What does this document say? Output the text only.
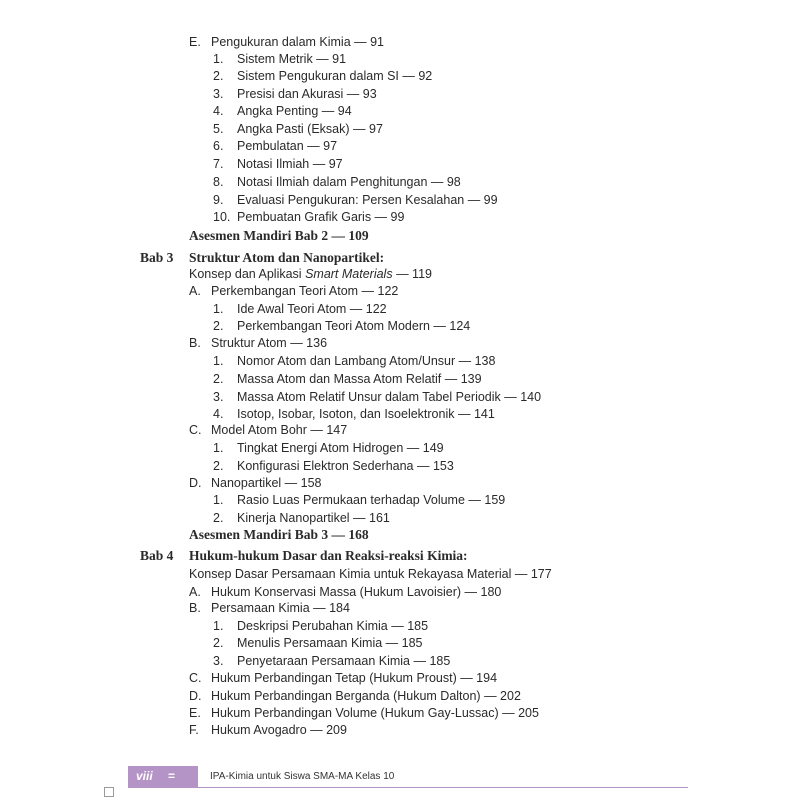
E. Pengukuran dalam Kimia — 91
1. Sistem Metrik — 91
2. Sistem Pengukuran dalam SI — 92
3. Presisi dan Akurasi — 93
4. Angka Penting — 94
5. Angka Pasti (Eksak) — 97
6. Pembulatan — 97
7. Notasi Ilmiah — 97
8. Notasi Ilmiah dalam Penghitungan — 98
9. Evaluasi Pengukuran: Persen Kesalahan — 99
10. Pembuatan Grafik Garis — 99
Asesmen Mandiri Bab 2 — 109
Bab 3 Struktur Atom dan Nanopartikel:
Konsep dan Aplikasi Smart Materials — 119
A. Perkembangan Teori Atom — 122
1. Ide Awal Teori Atom — 122
2. Perkembangan Teori Atom Modern — 124
B. Struktur Atom — 136
1. Nomor Atom dan Lambang Atom/Unsur — 138
2. Massa Atom dan Massa Atom Relatif — 139
3. Massa Atom Relatif Unsur dalam Tabel Periodik — 140
4. Isotop, Isobar, Isoton, dan Isoelektronik — 141
C. Model Atom Bohr — 147
1. Tingkat Energi Atom Hidrogen — 149
2. Konfigurasi Elektron Sederhana — 153
D. Nanopartikel — 158
1. Rasio Luas Permukaan terhadap Volume — 159
2. Kinerja Nanopartikel — 161
Asesmen Mandiri Bab 3 — 168
Bab 4 Hukum-hukum Dasar dan Reaksi-reaksi Kimia:
Konsep Dasar Persamaan Kimia untuk Rekayasa Material — 177
A. Hukum Konservasi Massa (Hukum Lavoisier) — 180
B. Persamaan Kimia — 184
1. Deskripsi Perubahan Kimia — 185
2. Menulis Persamaan Kimia — 185
3. Penyetaraan Persamaan Kimia — 185
C. Hukum Perbandingan Tetap (Hukum Proust) — 194
D. Hukum Perbandingan Berganda (Hukum Dalton) — 202
E. Hukum Perbandingan Volume (Hukum Gay-Lussac) — 205
F. Hukum Avogadro — 209
viii =	IPA-Kimia untuk Siswa SMA-MA Kelas 10
